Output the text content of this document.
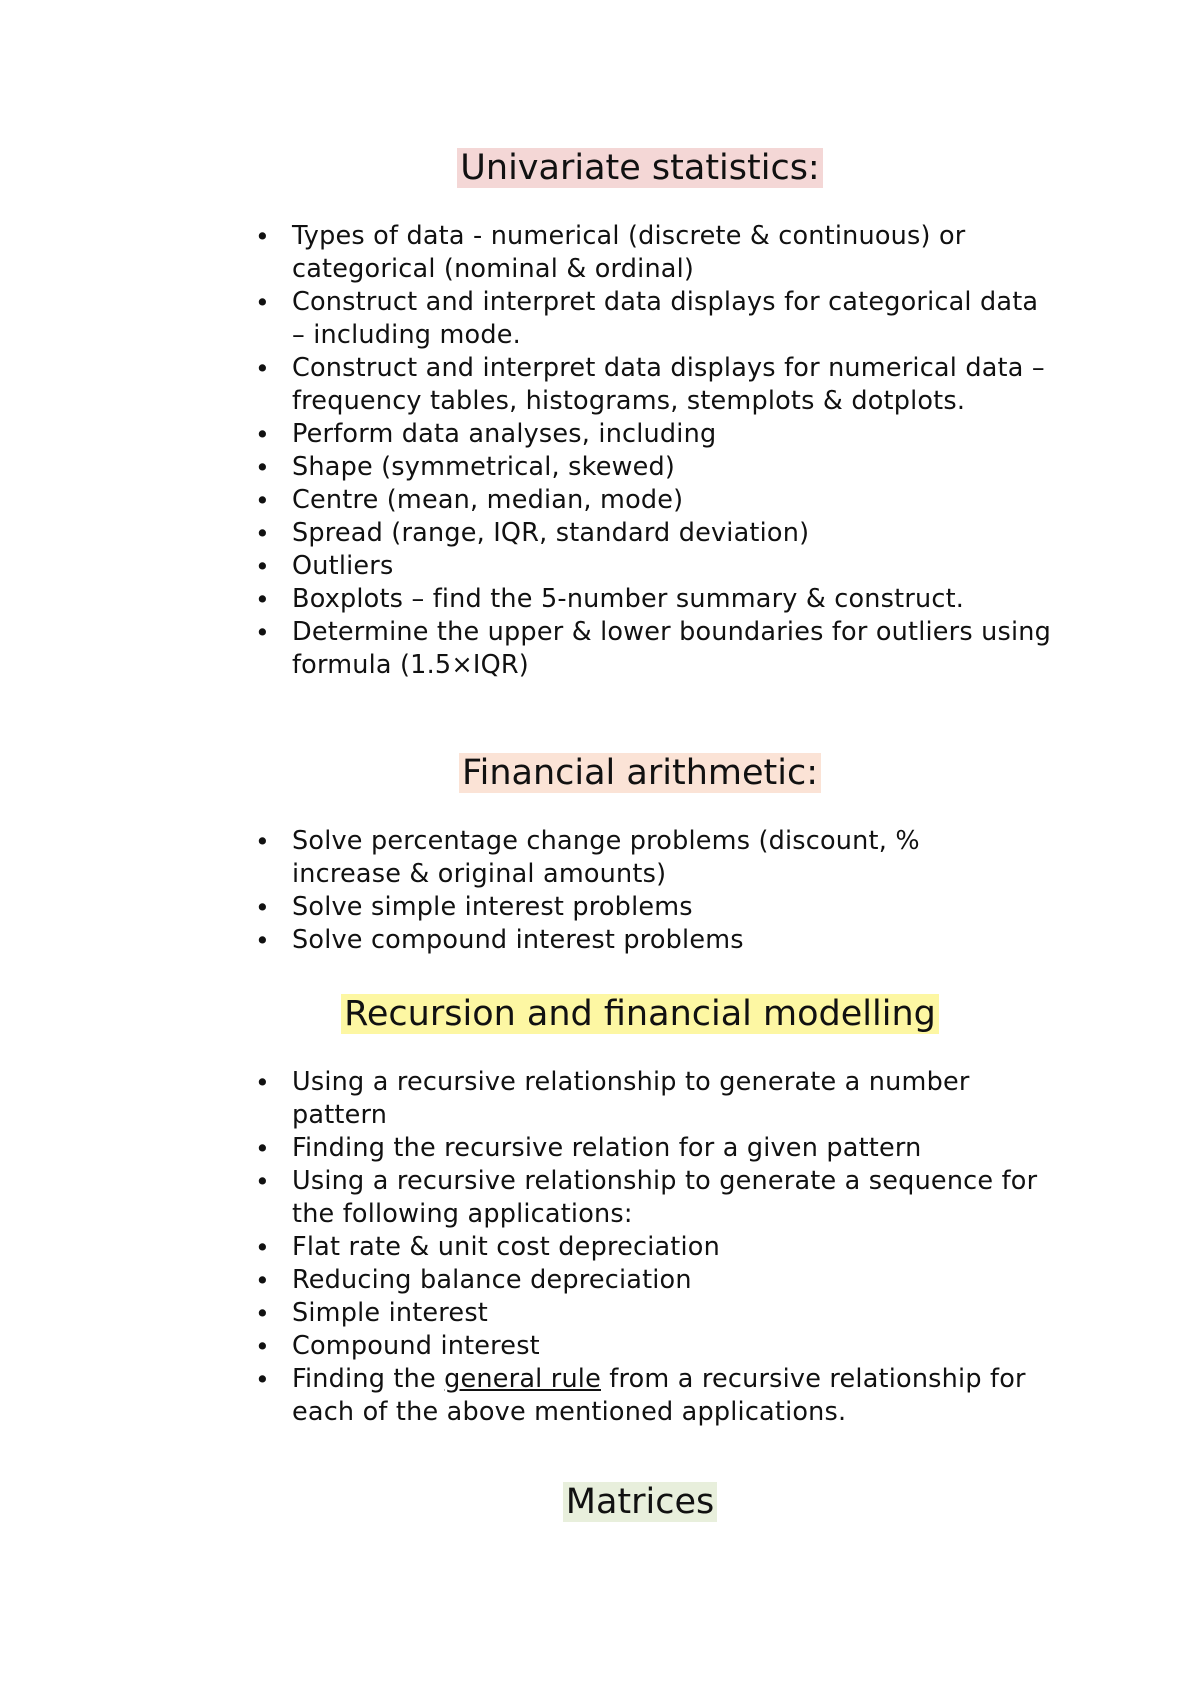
Univariate statistics:
• Types of data - numerical (discrete & continuous) or categorical (nominal & ordinal)
• Construct and interpret data displays for categorical data – including mode.
• Construct and interpret data displays for numerical data – frequency tables, histograms, stemplots & dotplots.
• Perform data analyses, including
• Shape (symmetrical, skewed)
• Centre (mean, median, mode)
• Spread (range, IQR, standard deviation)
• Outliers
• Boxplots – find the 5-number summary & construct.
• Determine the upper & lower boundaries for outliers using formula (1.5×IQR)
Financial arithmetic:
• Solve percentage change problems (discount, % increase & original amounts)
• Solve simple interest problems
• Solve compound interest problems
Recursion and financial modelling
• Using a recursive relationship to generate a number pattern
• Finding the recursive relation for a given pattern
• Using a recursive relationship to generate a sequence for the following applications:
• Flat rate & unit cost depreciation
• Reducing balance depreciation
• Simple interest
• Compound interest
• Finding the general rule from a recursive relationship for each of the above mentioned applications.
Matrices
